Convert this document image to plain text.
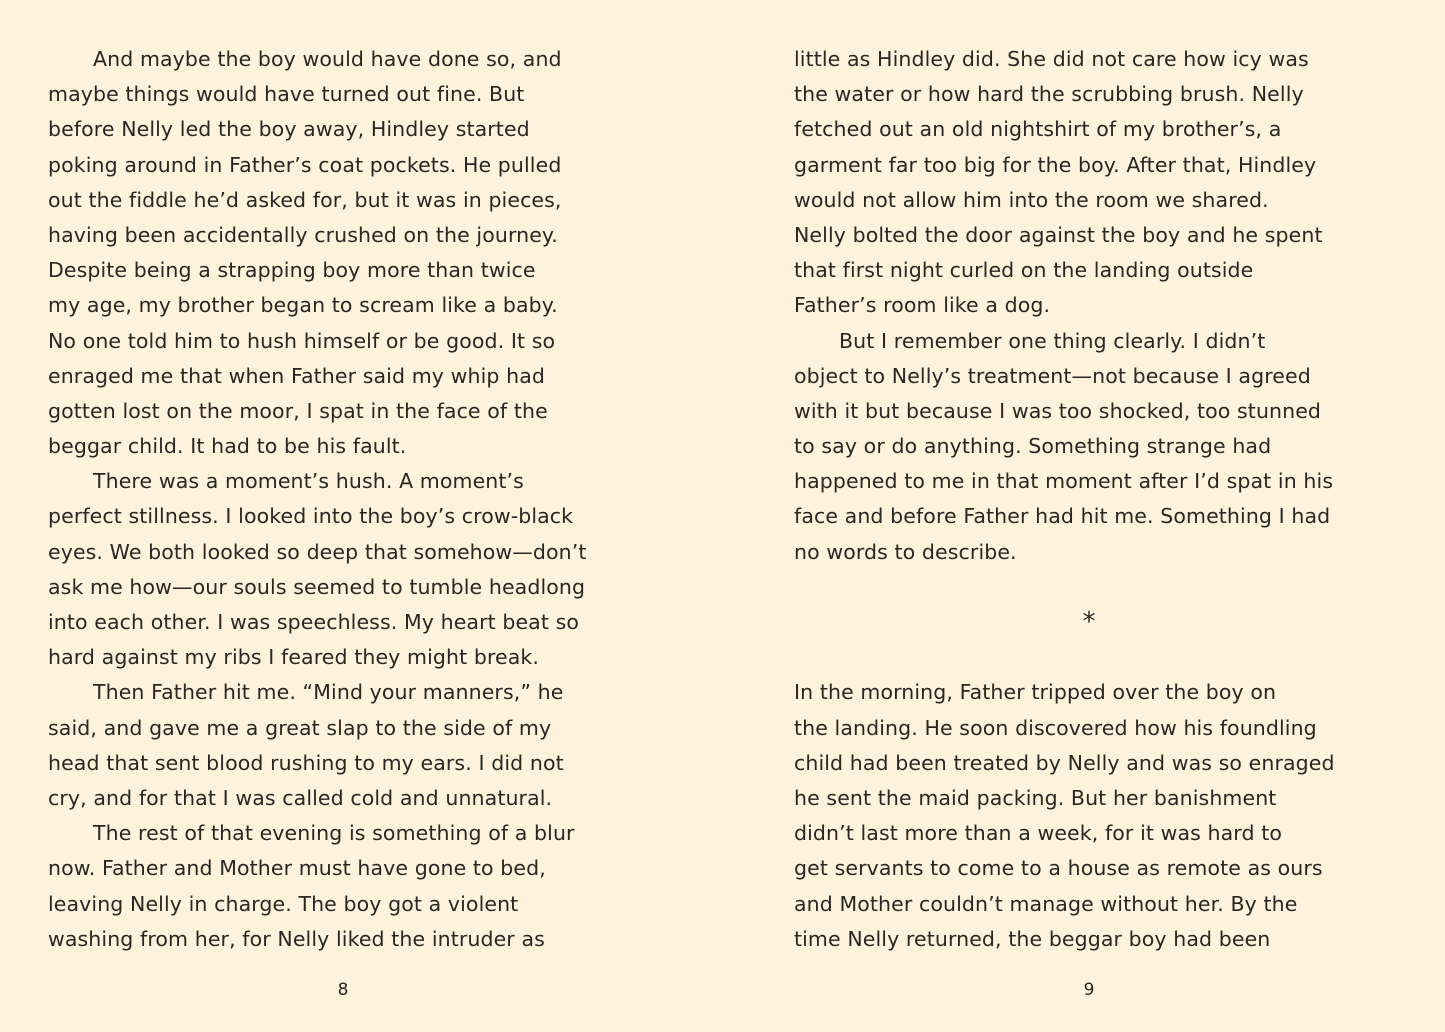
And maybe the boy would have done so, and
maybe things would have turned out fine. But
before Nelly led the boy away, Hindley started
poking around in Father’s coat pockets. He pulled
out the fiddle he’d asked for, but it was in pieces,
having been accidentally crushed on the journey.
Despite being a strapping boy more than twice
my age, my brother began to scream like a baby.
No one told him to hush himself or be good. It so
enraged me that when Father said my whip had
gotten lost on the moor, I spat in the face of the
beggar child. It had to be his fault.
There was a moment’s hush. A moment’s
perfect stillness. I looked into the boy’s crow-black
eyes. We both looked so deep that somehow—don’t
ask me how—our souls seemed to tumble headlong
into each other. I was speechless. My heart beat so
hard against my ribs I feared they might break.
Then Father hit me. “Mind your manners,” he
said, and gave me a great slap to the side of my
head that sent blood rushing to my ears. I did not
cry, and for that I was called cold and unnatural.
The rest of that evening is something of a blur
now. Father and Mother must have gone to bed,
leaving Nelly in charge. The boy got a violent
washing from her, for Nelly liked the intruder as
8
little as Hindley did. She did not care how icy was
the water or how hard the scrubbing brush. Nelly
fetched out an old nightshirt of my brother’s, a
garment far too big for the boy. After that, Hindley
would not allow him into the room we shared.
Nelly bolted the door against the boy and he spent
that first night curled on the landing outside
Father’s room like a dog.
But I remember one thing clearly. I didn’t
object to Nelly’s treatment—not because I agreed
with it but because I was too shocked, too stunned
to say or do anything. Something strange had
happened to me in that moment after I’d spat in his
face and before Father had hit me. Something I had
no words to describe.
*
In the morning, Father tripped over the boy on
the landing. He soon discovered how his foundling
child had been treated by Nelly and was so enraged
he sent the maid packing. But her banishment
didn’t last more than a week, for it was hard to
get servants to come to a house as remote as ours
and Mother couldn’t manage without her. By the
time Nelly returned, the beggar boy had been
9
